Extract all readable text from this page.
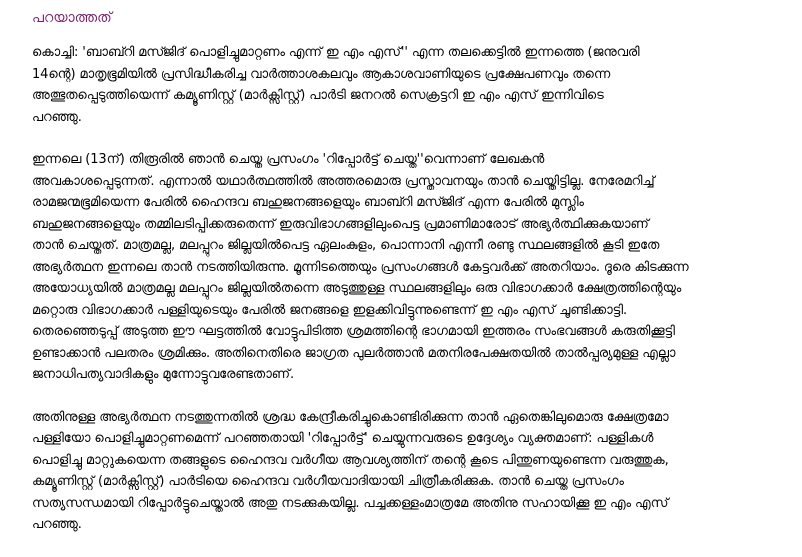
പറയാത്തത്
കൊച്ചി: 'ബാബ്റി മസ്ജിദ് പൊളിച്ചുമാറ്റണം എന്ന് ഇ എം എസ്'' എന്ന തലക്കെട്ടില്‍ ഇന്നത്തെ (ജനുവരി
14ന്റെ) മാതൃഭൂമിയില്‍ പ്രസിദ്ധീകരിച്ച വാര്‍ത്താശകലവും ആകാശവാണിയുടെ പ്രക്ഷേപണവും തന്നെ
അത്ഭുതപ്പെടുത്തിയെന്ന് കമ്യൂണിസ്റ്റ് (മാര്‍ക്സിസ്റ്റ്) പാര്‍ടി ജനറല്‍ സെക്രട്ടറി ഇ എം എസ് ഇന്നിവിടെ
പറഞ്ഞു.
ഇന്നലെ (13ന്) തിരൂരില്‍ ഞാന്‍ ചെയ്ത പ്രസംഗം 'റിപ്പോര്‍ട്ട് ചെയ്ത''വെന്നാണ് ലേഖകന്‍
അവകാശപ്പെടുന്നത്. എന്നാല്‍ യഥാര്‍ത്ഥത്തില്‍ അത്തരമൊരു പ്രസ്താവനയും താന്‍ ചെയ്തിട്ടില്ല. നേരേമറിച്ച്
രാമജന്മഭൂമിയെന്ന പേരില്‍ ഹൈന്ദവ ബഹുജനങ്ങളെയും ബാബ്റി മസ്ജിദ് എന്ന പേരില്‍ മുസ്ലിം
ബഹുജനങ്ങളെയും തമ്മിലടിപ്പിക്കരുതെന്ന് ഇരുവിഭാഗങ്ങളിലുംപെട്ട പ്രമാണിമാരോട് അഭ്യര്‍ത്ഥിക്കുകയാണ്
താന്‍ ചെയ്തത്. മാത്രമല്ല, മലപ്പുറം ജില്ലയില്‍പെട്ട ഏലംകുളം, പൊന്നാനി എന്നീ രണ്ടു സ്ഥലങ്ങളില്‍ കൂടി ഇതേ
അഭ്യര്‍ത്ഥന ഇന്നലെ താന്‍ നടത്തിയിരുന്നു. മൂന്നിടത്തെയും പ്രസംഗങ്ങള്‍ കേട്ടവര്‍ക്ക് അതറിയാം. ദൂരെ കിടക്കുന്ന
അയോധ്യയില്‍ മാത്രമല്ല മലപ്പുറം ജില്ലയില്‍തന്നെ അടുത്തുള്ള സ്ഥലങ്ങളിലും ഒരു വിഭാഗക്കാര്‍ ക്ഷേത്രത്തിന്റെയും
മറ്റൊരു വിഭാഗക്കാര്‍ പള്ളിയുടെയും പേരില്‍ ജനങ്ങളെ ഇളക്കിവിട്ടുന്നുണ്ടെന്ന് ഇ എം എസ് ചൂണ്ടിക്കാട്ടി.
തെരഞ്ഞെടുപ്പ് അടുത്ത ഈ ഘട്ടത്തില്‍ വോട്ടുപിടിത്ത ശ്രമത്തിന്റെ ഭാഗമായി ഇത്തരം സംഭവങ്ങള്‍ കരുതിക്കൂട്ടി
ഉണ്ടാക്കാന്‍ പലതരം ശ്രമിക്കും. അതിനെതിരെ ജാഗ്രത പുലര്‍ത്താന്‍ മതനിരപേക്ഷതയില്‍ താല്‍പ്പര്യമുള്ള എല്ലാ
ജനാധിപത്യവാദികളും മുന്നോട്ടുവരേണ്ടതാണ്.
അതിനുള്ള അഭ്യര്‍ത്ഥന നടത്തുന്നതില്‍ ശ്രദ്ധ കേന്ദ്രീകരിച്ചുകൊണ്ടിരിക്കുന്ന താന്‍ ഏതെങ്കിലുമൊരു ക്ഷേത്രമോ
പള്ളിയോ പൊളിച്ചുമാറ്റണമെന്ന് പറഞ്ഞതായി 'റിപ്പോര്‍ട്ട്' ചെയ്യുന്നവരുടെ ഉദ്ദേശ്യം വ്യക്തമാണ്: പള്ളികള്‍
പൊളിച്ചു മാറ്റുകയെന്ന തങ്ങളുടെ ഹൈന്ദവ വര്‍ഗീയ ആവശ്യത്തിന് തന്റെ കൂടെ പിന്തുണയുണ്ടെന്ന വരുത്തുക,
കമ്യൂണിസ്റ്റ് (മാര്‍ക്സിസ്റ്റ്) പാര്‍ടിയെ ഹൈന്ദവ വര്‍ഗീയവാദിയായി ചിത്രീകരിക്കുക. താന്‍ ചെയ്ത പ്രസംഗം
സത്യസന്ധമായി റിപ്പോര്‍ട്ടുചെയ്താല്‍ അതു നടക്കുകയില്ല. പച്ചക്കള്ളംമാത്രമേ അതിനു സഹായിക്കൂ ഇ എം എസ്
പറഞ്ഞു.
